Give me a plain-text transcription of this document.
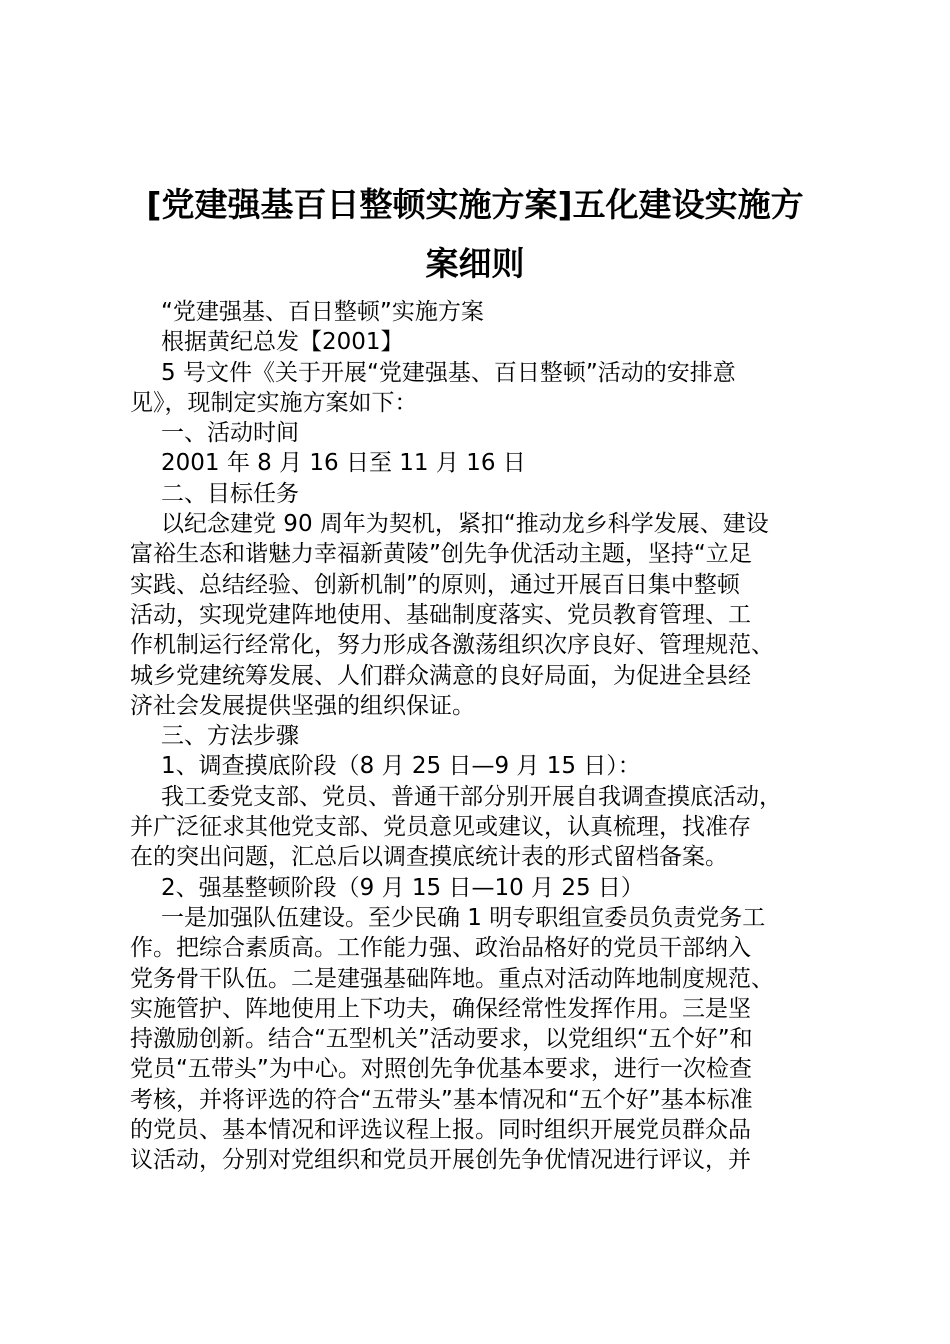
[党建强基百日整顿实施方案]五化建设实施方
案细则

“党建强基、百日整顿”实施方案

根据黄纪总发【2001】

5 号文件《关于开展“党建强基、百日整顿”活动的安排意

见》，现制定实施方案如下：

一、活动时间

2001 年 8 月 16 日至 11 月 16 日

二、目标任务

以纪念建党 90 周年为契机，紧扣“推动龙乡科学发展、建设

富裕生态和谐魅力幸福新黄陵”创先争优活动主题，坚持“立足

实践、总结经验、创新机制”的原则，通过开展百日集中整顿

活动，实现党建阵地使用、基础制度落实、党员教育管理、工

作机制运行经常化，努力形成各激荡组织次序良好、管理规范、

城乡党建统筹发展、人们群众满意的良好局面，为促进全县经

济社会发展提供坚强的组织保证。

三、方法步骤

1、调查摸底阶段（8 月 25 日—9 月 15 日）：

我工委党支部、党员、普通干部分别开展自我调查摸底活动，

并广泛征求其他党支部、党员意见或建议，认真梳理，找准存

在的突出问题，汇总后以调查摸底统计表的形式留档备案。

2、强基整顿阶段（9 月 15 日—10 月 25 日）

一是加强队伍建设。至少民确 1 明专职组宣委员负责党务工

作。把综合素质高。工作能力强、政治品格好的党员干部纳入

党务骨干队伍。二是建强基础阵地。重点对活动阵地制度规范、

实施管护、阵地使用上下功夫，确保经常性发挥作用。三是坚

持激励创新。结合“五型机关”活动要求，以党组织“五个好”和

党员“五带头”为中心。对照创先争优基本要求，进行一次检查

考核，并将评选的符合“五带头”基本情况和“五个好”基本标准

的党员、基本情况和评选议程上报。同时组织开展党员群众品

议活动，分别对党组织和党员开展创先争优情况进行评议，并
